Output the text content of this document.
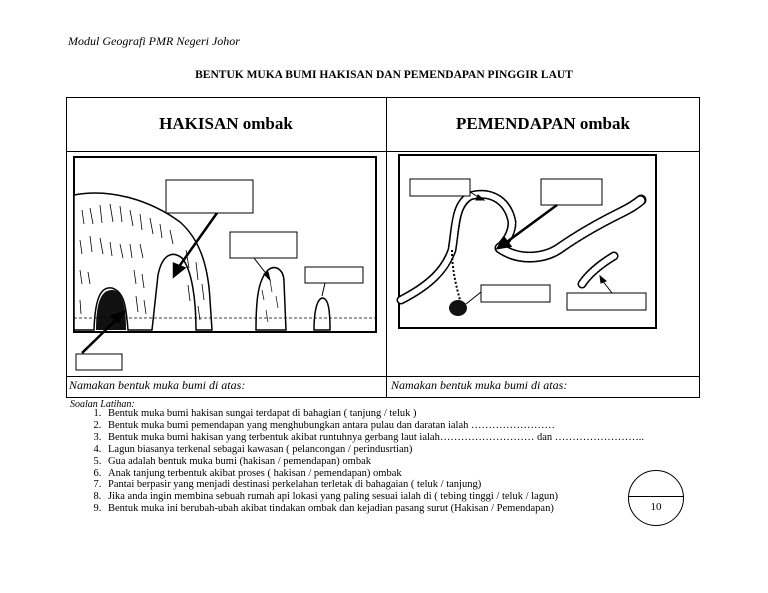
Modul Geografi PMR Negeri Johor
BENTUK MUKA BUMI HAKISAN DAN PEMENDAPAN PINGGIR LAUT
HAKISAN ombak	PEMENDAPAN ombak
Namakan bentuk muka bumi di atas:	Namakan bentuk muka bumi di atas:
Soalan Latihan:
1. Bentuk muka bumi hakisan sungai terdapat di bahagian ( tanjung / teluk )
2. Bentuk muka bumi pemendapan yang menghubungkan antara pulau dan daratan ialah ……………………
3. Bentuk muka bumi hakisan yang terbentuk akibat runtuhnya gerbang laut ialah……………………… dan ……………………..
4. Lagun biasanya terkenal sebagai kawasan ( pelancongan / perindusrtian)
5. Gua adalah bentuk muka bumi (hakisan / pemendapan) ombak
6. Anak tanjung terbentuk akibat proses ( hakisan / pemendapan) ombak
7. Pantai berpasir yang menjadi destinasi perkelahan terletak di bahagaian ( teluk / tanjung)
8. Jika anda ingin membina sebuah rumah api lokasi yang paling sesuai ialah di ( tebing tinggi / teluk / lagun)
9. Bentuk muka ini berubah-ubah akibat tindakan ombak dan kejadian pasang surut (Hakisan / Pemendapan)	10
